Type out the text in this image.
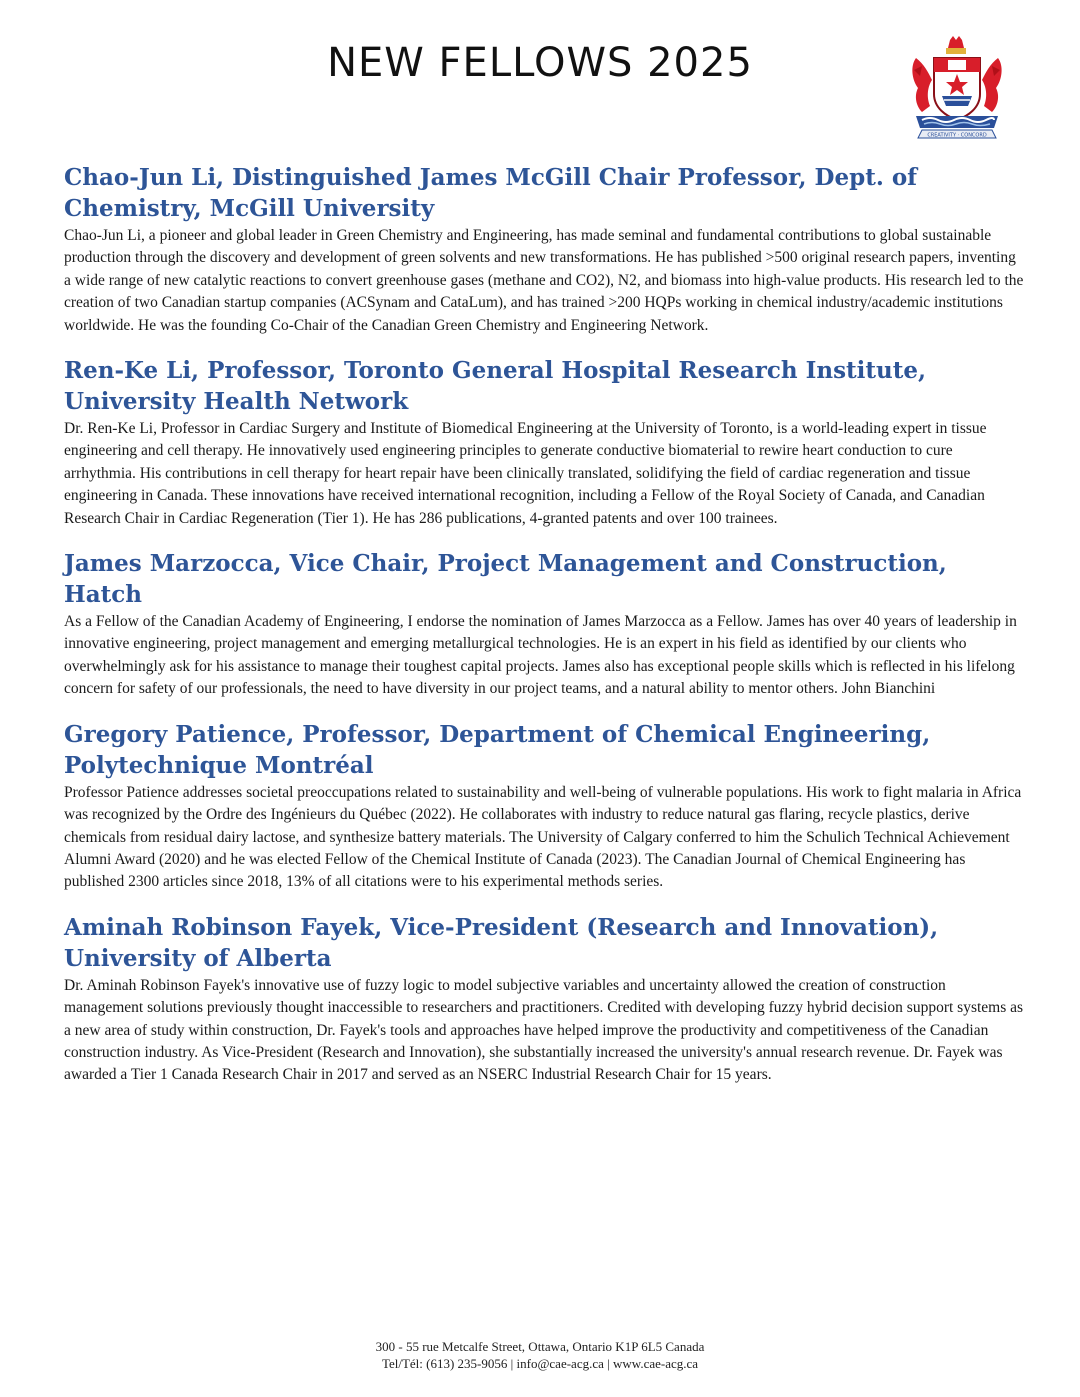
NEW FELLOWS 2025
CREATIVITY · CONCORD
Chao-Jun Li, Distinguished James McGill Chair Professor, Dept. of Chemistry, McGill University

Chao-Jun Li, a pioneer and global leader in Green Chemistry and Engineering, has made seminal and fundamental contributions to global sustainable production through the discovery and development of green solvents and new transformations. He has published >500 original research papers, inventing a wide range of new catalytic reactions to convert greenhouse gases (methane and CO2), N2, and biomass into high-value products. His research led to the creation of two Canadian startup companies (ACSynam and CataLum), and has trained >200 HQPs working in chemical industry/academic institutions worldwide. He was the founding Co-Chair of the Canadian Green Chemistry and Engineering Network.

Ren-Ke Li, Professor, Toronto General Hospital Research Institute, University Health Network

Dr. Ren-Ke Li, Professor in Cardiac Surgery and Institute of Biomedical Engineering at the University of Toronto, is a world-leading expert in tissue engineering and cell therapy. He innovatively used engineering principles to generate conductive biomaterial to rewire heart conduction to cure arrhythmia. His contributions in cell therapy for heart repair have been clinically translated, solidifying the field of cardiac regeneration and tissue engineering in Canada. These innovations have received international recognition, including a Fellow of the Royal Society of Canada, and Canadian Research Chair in Cardiac Regeneration (Tier 1). He has 286 publications, 4-granted patents and over 100 trainees.

James Marzocca, Vice Chair, Project Management and Construction, Hatch

As a Fellow of the Canadian Academy of Engineering, I endorse the nomination of James Marzocca as a Fellow. James has over 40 years of leadership in innovative engineering, project management and emerging metallurgical technologies. He is an expert in his field as identified by our clients who overwhelmingly ask for his assistance to manage their toughest capital projects. James also has exceptional people skills which is reflected in his lifelong concern for safety of our professionals, the need to have diversity in our project teams, and a natural ability to mentor others. John Bianchini

Gregory Patience, Professor, Department of Chemical Engineering, Polytechnique Montréal

Professor Patience addresses societal preoccupations related to sustainability and well-being of vulnerable populations. His work to fight malaria in Africa was recognized by the Ordre des Ingénieurs du Québec (2022). He collaborates with industry to reduce natural gas flaring, recycle plastics, derive chemicals from residual dairy lactose, and synthesize battery materials. The University of Calgary conferred to him the Schulich Technical Achievement Alumni Award (2020) and he was elected Fellow of the Chemical Institute of Canada (2023). The Canadian Journal of Chemical Engineering has published 2300 articles since 2018, 13% of all citations were to his experimental methods series.

Aminah Robinson Fayek, Vice-President (Research and Innovation), University of Alberta

Dr. Aminah Robinson Fayek's innovative use of fuzzy logic to model subjective variables and uncertainty allowed the creation of construction management solutions previously thought inaccessible to researchers and practitioners. Credited with developing fuzzy hybrid decision support systems as a new area of study within construction, Dr. Fayek's tools and approaches have helped improve the productivity and competitiveness of the Canadian construction industry. As Vice-President (Research and Innovation), she substantially increased the university's annual research revenue. Dr. Fayek was awarded a Tier 1 Canada Research Chair in 2017 and served as an NSERC Industrial Research Chair for 15 years.

300 - 55 rue Metcalfe Street, Ottawa, Ontario K1P 6L5 Canada
Tel/Tél: (613) 235-9056 | info@cae-acg.ca | www.cae-acg.ca
